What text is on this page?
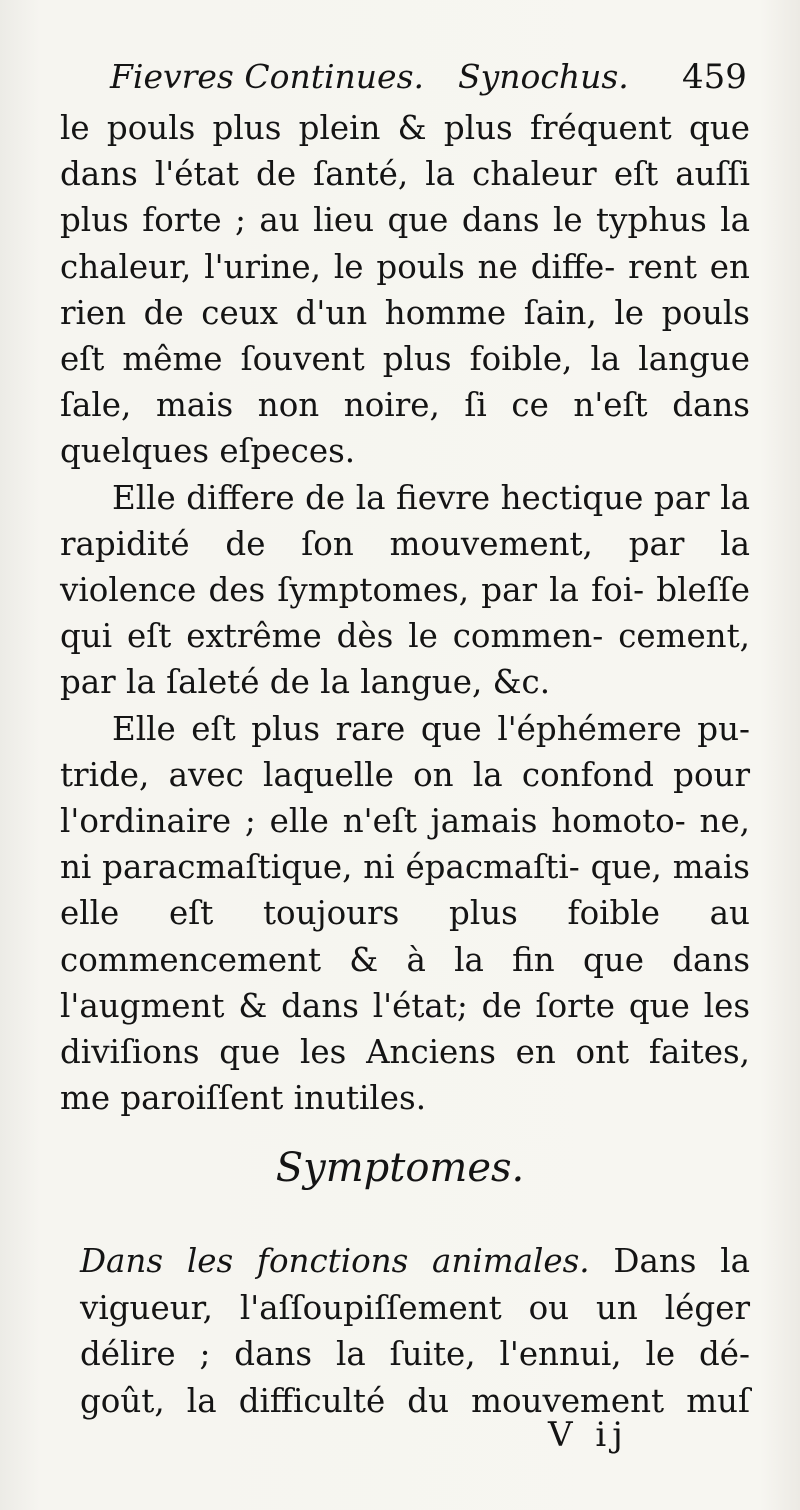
Fievres Continues. Synochus. 459

le pouls plus plein & plus fréquent que dans l'état de ſanté, la chaleur eſt auſſi plus forte ; au lieu que dans le typhus la chaleur, l'urine, le pouls ne diffe- rent en rien de ceux d'un homme ſain, le pouls eſt même ſouvent plus foible, la langue ſale, mais non noire, ſi ce n'eſt dans quelques eſpeces.

Elle differe de la fievre hectique par la rapidité de ſon mouvement, par la violence des ſymptomes, par la foi- bleſſe qui eſt extrême dès le commen- cement, par la ſaleté de la langue, &c.

Elle eſt plus rare que l'éphémere pu- tride, avec laquelle on la confond pour l'ordinaire ; elle n'eſt jamais homoto- ne, ni paracmaſtique, ni épacmaſti- que, mais elle eſt toujours plus foible au commencement & à la fin que dans l'augment & dans l'état; de ſorte que les diviſions que les Anciens en ont faites, me paroiſſent inutiles.

Symptomes.

Dans les fonctions animales. Dans la vigueur, l'aſſoupiſſement ou un léger délire ; dans la ſuite, l'ennui, le dé- goût, la difficulté du mouvement muſ

V ij
